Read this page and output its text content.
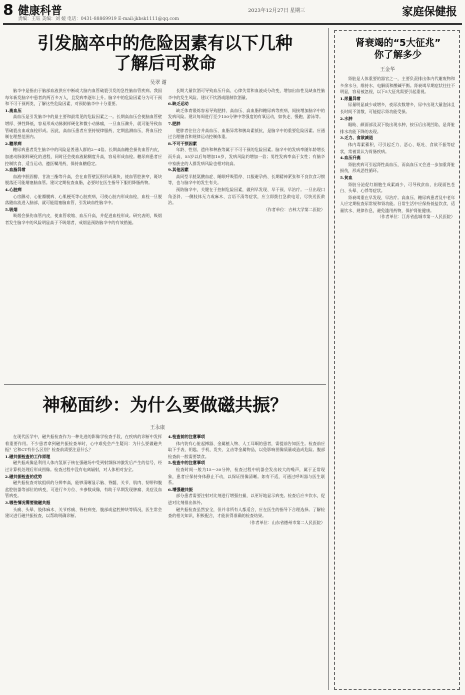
8 健康科普
责编：王钰 美编：刘 媛 电话：0431-88869919 E-mail:jkbsk1111@qq.com
2023年12月27日 星期三	家庭保健报
引发脑卒中的危险因素有以下几种
了解后可救命
吴翠 谢

脑卒中是指由于脑部血液供应中断或大脑内血管破裂引发的急性脑血管疾病。我国每年新发脑卒中患者约两百多万人，且发病率逐年上升。脑卒中的危险因素分为可干预和不可干预两类，了解这些危险因素，对预防脑卒中十分重要。

1.高血压

高血压是引发脑卒中的最主要和最常见的危险因素之一。长期高血压会使脑血管壁增厚、弹性降低，容易形成动脉粥样硬化和微小动脉瘤，一旦血压骤升，就可能导致血管破裂出血或血栓形成。因此，高血压患者应坚持规律服药，定期监测血压，将血压控制在理想范围内。

2.糖尿病

糖尿病患者发生脑卒中的风险是普通人群的2～4倍。长期高血糖会损伤血管内皮，加速动脉粥样硬化的进程，同时还会使血液黏稠度升高，容易形成血栓。糖尿病患者应控制饮食、适当运动、遵医嘱用药，保持血糖稳定。

3.血脂异常

血液中胆固醇、甘油三酯等升高，会在血管壁沉积形成斑块，使血管腔狭窄，斑块脱落还可能堵塞脑血管。建议定期检查血脂，必要时在医生指导下服用降脂药物。

4.心脏病

心房颤动、心脏瓣膜病、心肌梗死等心脏疾病，可使心脏内形成血栓，血栓一旦脱落随血流进入脑部，就可能阻塞脑血管，引发缺血性脑卒中。

5.吸烟

吸烟会损伤血管内皮，使血管收缩、血压升高，并促进血栓形成。研究表明，吸烟者发生脑卒中的风险明显高于不吸烟者，戒烟是预防脑卒中的有效措施。

长期大量饮酒可导致血压升高、心律失常和血液成分改变，增加出血性及缺血性脑卒中的发生风险。建议不饮酒或限制饮酒量。

6.缺乏运动

缺乏体育锻炼容易导致肥胖、高血压、高血脂和糖尿病等疾病，间接增加脑卒中的发病风险。建议每周进行至少150分钟中等强度的有氧运动，如快走、慢跑、游泳等。

7.肥胖

肥胖者往往合并高血压、血脂异常和胰岛素抵抗，是脑卒中的重要危险因素。应通过合理膳食和规律运动控制体重。

8.不可干预因素

年龄、性别、遗传和种族等属于不可干预的危险因素。脑卒中的发病率随年龄增长而升高，55岁以后每增加10岁，发病风险约增加一倍；男性发病率高于女性；有脑卒中家族史的人群发病风险也相对较高。

9.其他因素

高同型半胱氨酸血症、睡眠呼吸暂停、口服避孕药、长期精神紧张和不良饮食习惯等，也与脑卒中的发生有关。

预防脑卒中，关键在于控制危险因素，做到早发现、早干预、早治疗。一旦出现口角歪斜、一侧肢体无力或麻木、言语不清等症状，应立即拨打急救电话，尽快送医救治。

（作者单位：吉林大学第二医院）

神秘面纱：为什么要做磁共振？
王永康

在现代医学中，磁共振检查作为一种先进的影像学检查手段，在疾病的诊断中发挥着重要作用。不少患者拿到磁共振检查单时，心中难免会产生疑问：为什么要做磁共振？它和CT有什么区别？检查前需要注意什么？

1.磁共振检查的工作原理

磁共振成像是利用人体内氢原子核在强磁场中受到射频脉冲激发后产生的信号，经过计算机处理后形成图像。检查过程中没有电离辐射，对人体相对安全。

2.磁共振检查的优势

磁共振检查对软组织的分辨率高，能够清晰显示脑、脊髓、关节、肌肉、韧带和腹盆腔脏器等部位的病变，可进行多方位、多参数成像，有助于早期发现肿瘤、炎症及血管病变。

3.哪些情况需要做磁共振

头痛、头晕、肢体麻木、关节疼痛、脊柱病变、腹部或盆腔肿块等情况，医生常会建议进行磁共振检查，以帮助明确诊断。

4.检查前的注意事项

体内装有心脏起搏器、金属植入物、人工耳蜗的患者，需提前告知医生。检查前应取下手表、钥匙、手机、发夹、义齿等金属物品，以免影响图像质量或造成危险。腹部检查前一般需要禁食。

5.检查中的注意事项

检查时间一般为15～30分钟，检查过程中机器会发出较大的噪声，属于正常现象，患者应保持身体静止不动，以保证图像清晰。如有不适，可通过呼叫器与医生联系。

6.增强磁共振

部分患者需要注射对比剂进行增强扫描，以更好地显示病变。检查后应多饮水，促进对比剂排出体外。

磁共振检查虽然安全，但并非所有人都适合，应在医生的指导下合理选择。了解检查的相关知识，积极配合，才能获得准确的检查结果。

（作者单位：山东省德州市第二人民医院）

肾衰竭的“5大征兆”
你了解多少
王金华

肾脏是人体重要的器官之一，主要负责排出体内代谢废物和多余水分，维持水、电解质和酸碱平衡。肾衰竭早期症状往往不明显，容易被忽视，以下5大征兆需要引起重视。

1.尿量异常

尿量明显减少或增多，夜尿次数增多，尿中出现大量泡沫且长时间不消散，可能提示肾功能受损。

2.水肿

眼睑、颜面部及双下肢出现水肿，按压后出现凹陷，是肾脏排水功能下降的表现。

3.乏力、食欲减退

体内毒素蓄积，可引起乏力、恶心、呕吐、食欲不振等症状，常被误认为胃肠疾病。

4.血压升高

肾脏疾病可引起肾性高血压，而高血压又会进一步加重肾脏损伤，形成恶性循环。

5.贫血

肾脏分泌促红细胞生成素减少，可导致贫血，出现面色苍白、头晕、心悸等症状。

肾衰竭重在早发现、早治疗。高血压、糖尿病患者及中老年人应定期检查尿常规和肾功能。日常生活中应保持低盐饮食、适量饮水、规律作息，避免滥用药物，保护肾脏健康。

（作者单位：江苏省盐城市第一人民医院）
